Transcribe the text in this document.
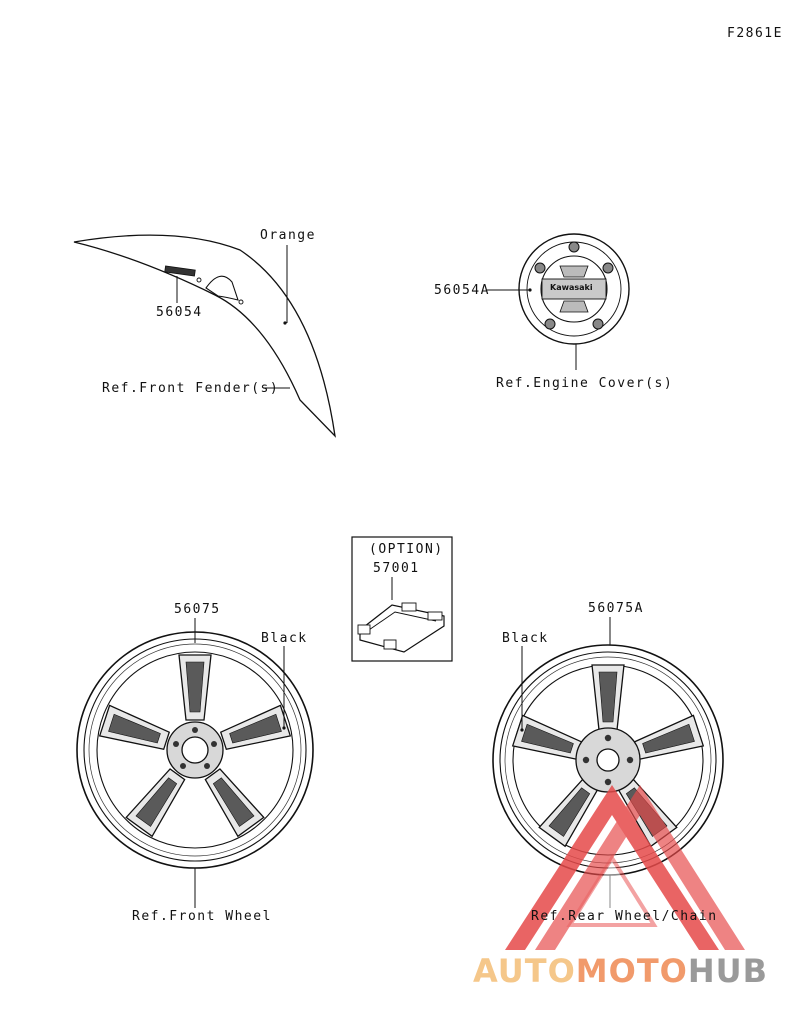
F2861E
Orange
56054
Ref.Front Fender(s)
56054A
Ref.Engine Cover(s)
Kawasaki
(OPTION)
57001
56075
Black
Ref.Front Wheel
56075A
Black
Ref.Rear Wheel/Chain
AUTOMOTOHUB
